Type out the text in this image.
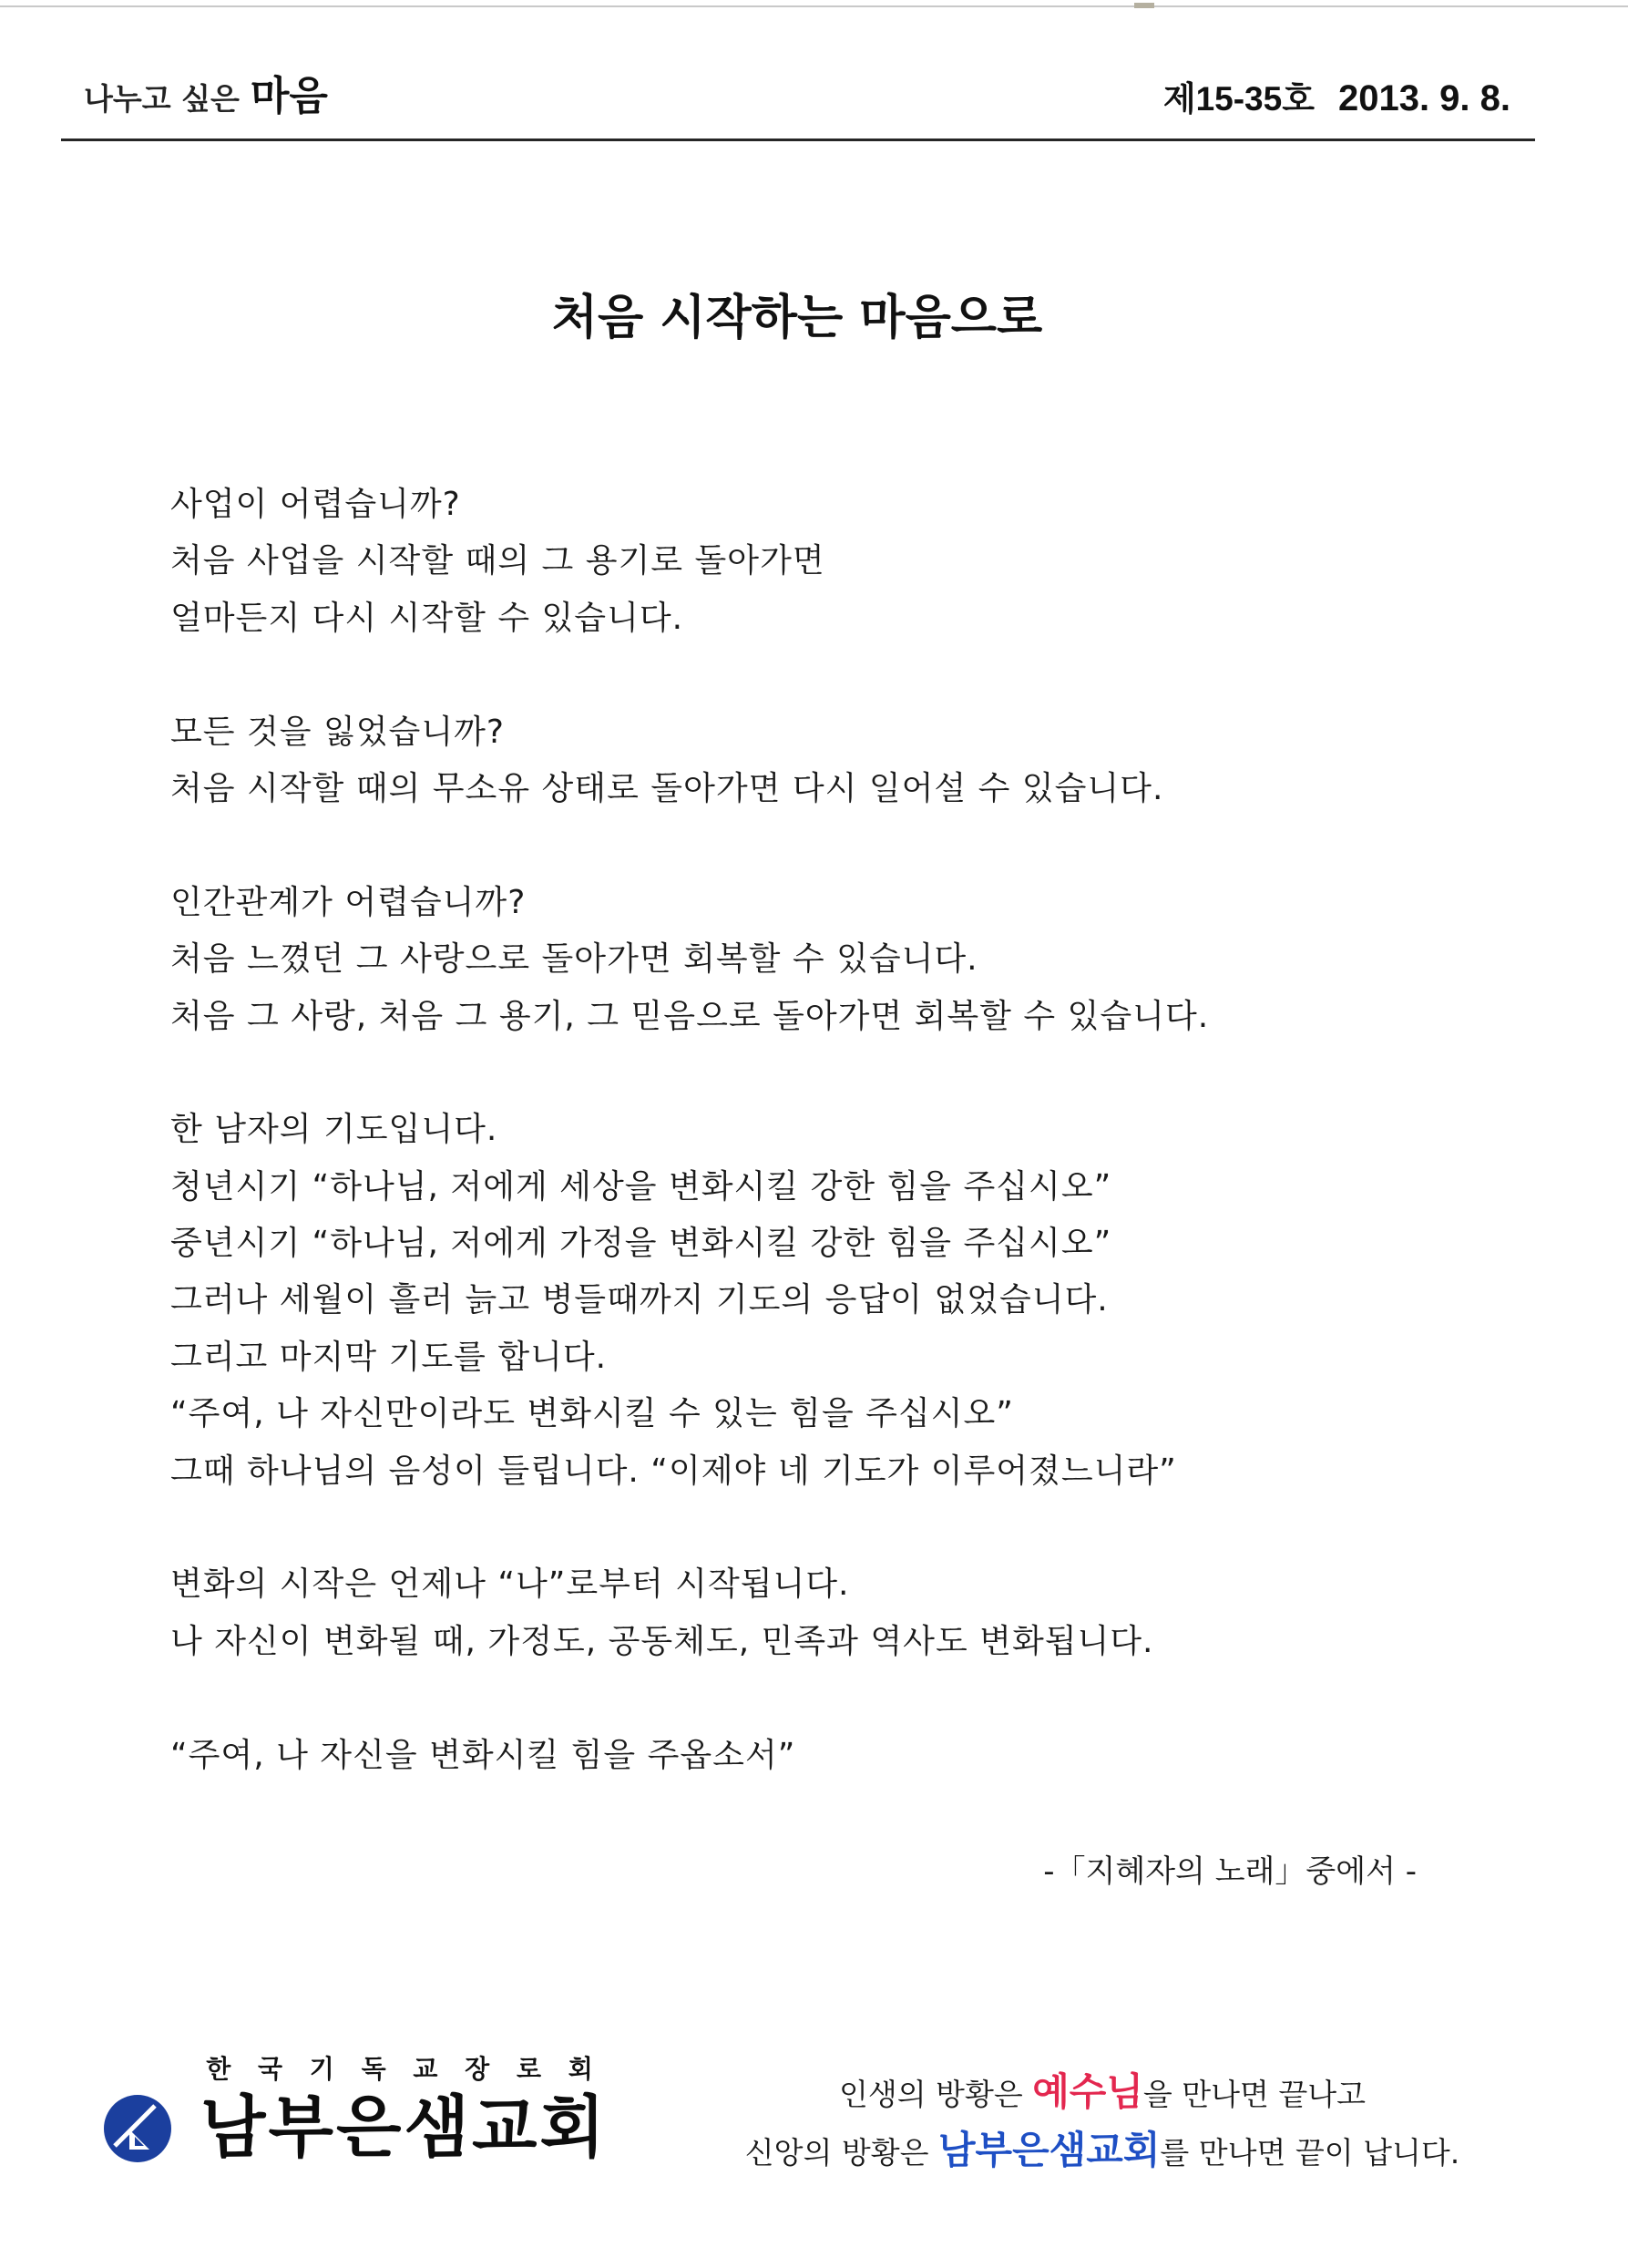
나누고 싶은 마음	제15-35호 2013. 9. 8.
처음 시작하는 마음으로
사업이 어렵습니까?
처음 사업을 시작할 때의 그 용기로 돌아가면
얼마든지 다시 시작할 수 있습니다.
모든 것을 잃었습니까?
처음 시작할 때의 무소유 상태로 돌아가면 다시 일어설 수 있습니다.
인간관계가 어렵습니까?
처음 느꼈던 그 사랑으로 돌아가면 회복할 수 있습니다.
처음 그 사랑, 처음 그 용기, 그 믿음으로 돌아가면 회복할 수 있습니다.
한 남자의 기도입니다.
청년시기 “하나님, 저에게 세상을 변화시킬 강한 힘을 주십시오”
중년시기 “하나님, 저에게 가정을 변화시킬 강한 힘을 주십시오”
그러나 세월이 흘러 늙고 병들때까지 기도의 응답이 없었습니다.
그리고 마지막 기도를 합니다.
“주여, 나 자신만이라도 변화시킬 수 있는 힘을 주십시오”
그때 하나님의 음성이 들립니다. “이제야 네 기도가 이루어졌느니라”
변화의 시작은 언제나 “나”로부터 시작됩니다.
나 자신이 변화될 때, 가정도, 공동체도, 민족과 역사도 변화됩니다.
“주여, 나 자신을 변화시킬 힘을 주옵소서”
-「지혜자의 노래」중에서 -
한 국 기 독 교 장 로 회
남부은샘교회	인생의 방황은 예수님을 만나면 끝나고
신앙의 방황은 남부은샘교회를 만나면 끝이 납니다.
